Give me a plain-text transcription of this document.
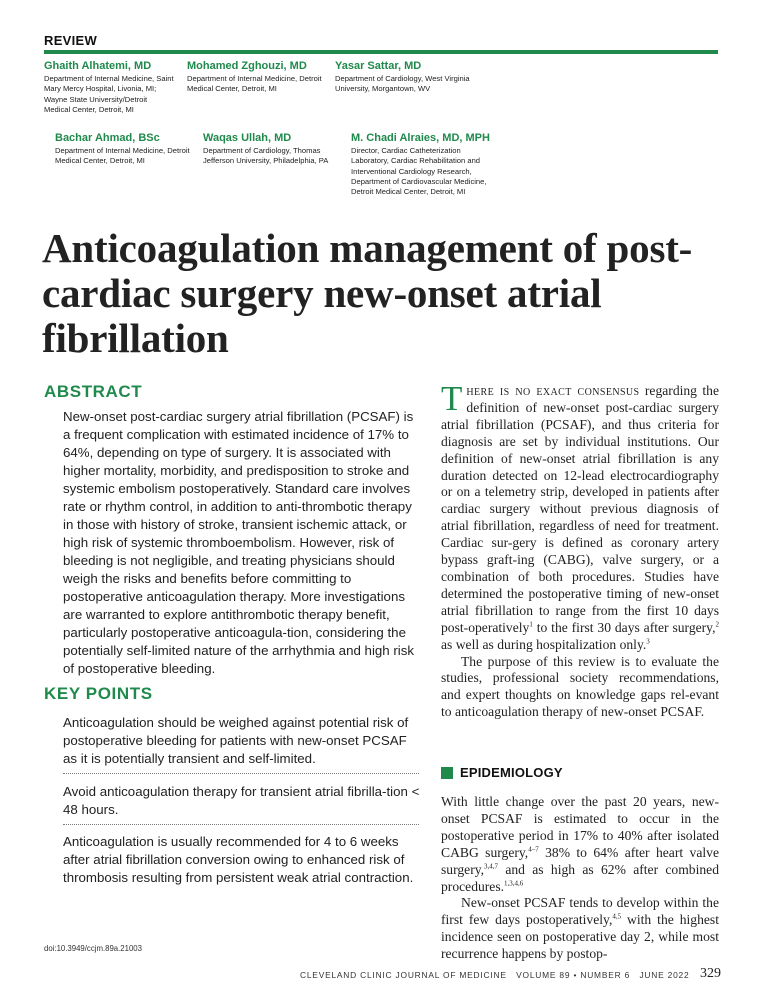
REVIEW
Ghaith Alhatemi, MD
Department of Internal Medicine, Saint Mary Mercy Hospital, Livonia, MI; Wayne State University/Detroit Medical Center, Detroit, MI
Mohamed Zghouzi, MD
Department of Internal Medicine, Detroit Medical Center, Detroit, MI
Yasar Sattar, MD
Department of Cardiology, West Virginia University, Morgantown, WV
Bachar Ahmad, BSc
Department of Internal Medicine, Detroit Medical Center, Detroit, MI
Waqas Ullah, MD
Department of Cardiology, Thomas Jefferson University, Philadelphia, PA
M. Chadi Alraies, MD, MPH
Director, Cardiac Catheterization Laboratory, Cardiac Rehabilitation and Interventional Cardiology Research, Department of Cardiovascular Medicine, Detroit Medical Center, Detroit, MI
Anticoagulation management of post-cardiac surgery new-onset atrial fibrillation
ABSTRACT
New-onset post-cardiac surgery atrial fibrillation (PCSAF) is a frequent complication with estimated incidence of 17% to 64%, depending on type of surgery. It is associated with higher mortality, morbidity, and predisposition to stroke and systemic embolism postoperatively. Standard care involves rate or rhythm control, in addition to anti-thrombotic therapy in those with history of stroke, transient ischemic attack, or high risk of systemic thromboembolism. However, risk of bleeding is not negligible, and treating physicians should weigh the risks and benefits before committing to postoperative anticoagulation therapy. More investigations are warranted to explore antithrombotic therapy benefit, particularly postoperative anticoagula-tion, considering the potentially self-limited nature of the arrhythmia and high risk of postoperative bleeding.
KEY POINTS
Anticoagulation should be weighed against potential risk of postoperative bleeding for patients with new-onset PCSAF as it is potentially transient and self-limited.
Avoid anticoagulation therapy for transient atrial fibrilla-tion < 48 hours.
Anticoagulation is usually recommended for 4 to 6 weeks after atrial fibrillation conversion owing to enhanced risk of thrombosis resulting from persistent weak atrial contraction.
doi:10.3949/ccjm.89a.21003

There is no exact consensus regarding the definition of new-onset post-cardiac surgery atrial fibrillation (PCSAF), and thus criteria for diagnosis are set by individual institutions. Our definition of new-onset atrial fibrillation is any duration detected on 12-lead electrocardiography or on a telemetry strip, developed in patients after cardiac surgery without previous diagnosis of atrial fibrillation, regardless of need for treatment. Cardiac sur-gery is defined as coronary artery bypass graft-ing (CABG), valve surgery, or a combination of both procedures. Studies have determined the postoperative timing of new-onset atrial fibrillation to range from the first 10 days post-operatively$^1$ to the first 30 days after surgery,$^2$ as well as during hospitalization only.$^3$

The purpose of this review is to evaluate the studies, professional society recommendations, and expert thoughts on knowledge gaps rel-evant to anticoagulation therapy of new-onset PCSAF.

EPIDEMIOLOGY

With little change over the past 20 years, new-onset PCSAF is estimated to occur in the postoperative period in 17% to 40% after isolated CABG surgery,$^{4-7}$ 38% to 64% after heart valve surgery,$^{3,4,7}$ and as high as 62% after combined procedures.$^{1,3,4,6}$

New-onset PCSAF tends to develop within the first few days postoperatively,$^{4,5}$ with the highest incidence seen on postoperative day 2, while most recurrence happens by postop-

CLEVELAND CLINIC JOURNAL OF MEDICINE VOLUME 89 • NUMBER 6 JUNE 2022 329
